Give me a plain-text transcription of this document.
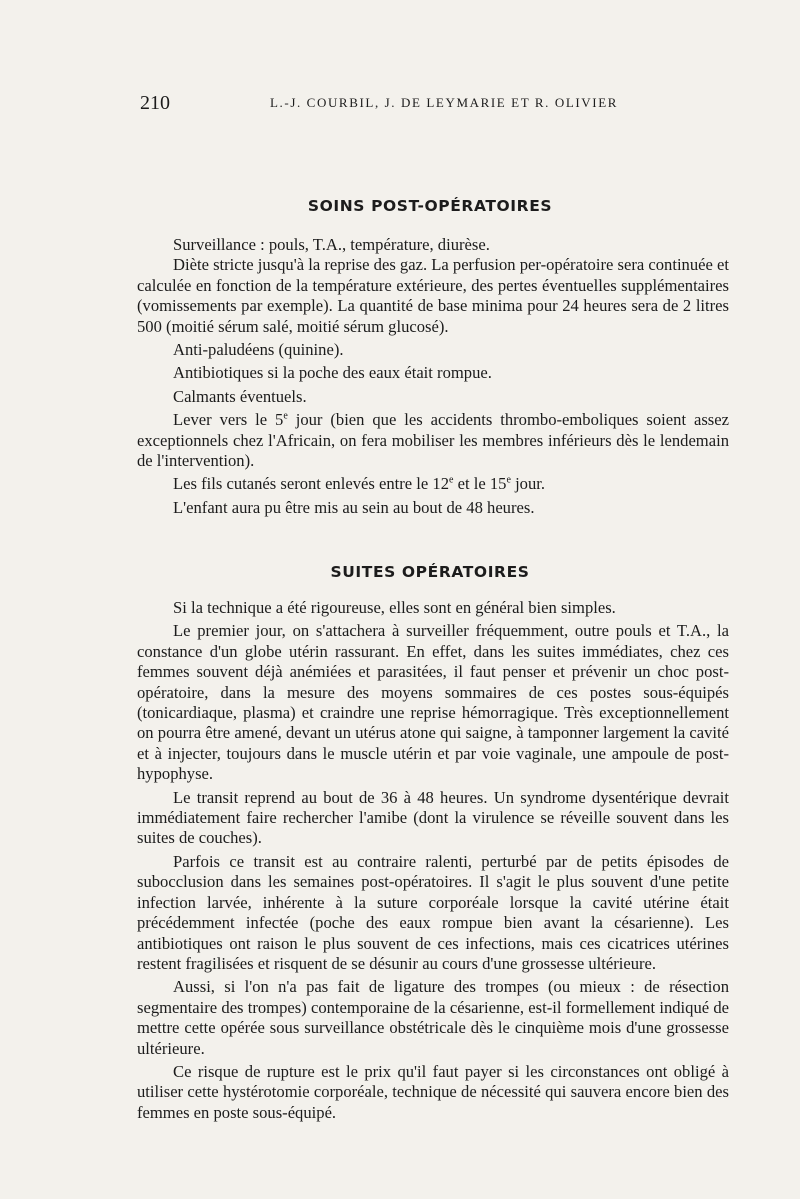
210	L.-J. COURBIL, J. DE LEYMARIE ET R. OLIVIER
SOINS POST-OPÉRATOIRES

Surveillance : pouls, T.A., température, diurèse.

Diète stricte jusqu'à la reprise des gaz. La perfusion per-opératoire sera continuée et calculée en fonction de la température extérieure, des pertes éventuelles supplémentaires (vomissements par exemple). La quantité de base minima pour 24 heures sera de 2 litres 500 (moitié sérum salé, moitié sérum glucosé).

Anti-paludéens (quinine).

Antibiotiques si la poche des eaux était rompue.

Calmants éventuels.

Lever vers le 5e jour (bien que les accidents thrombo-emboliques soient assez exceptionnels chez l'Africain, on fera mobiliser les membres inférieurs dès le lendemain de l'intervention).

Les fils cutanés seront enlevés entre le 12e et le 15e jour.

L'enfant aura pu être mis au sein au bout de 48 heures.

SUITES OPÉRATOIRES

Si la technique a été rigoureuse, elles sont en général bien simples.

Le premier jour, on s'attachera à surveiller fréquemment, outre pouls et T.A., la constance d'un globe utérin rassurant. En effet, dans les suites immédiates, chez ces femmes souvent déjà anémiées et parasitées, il faut penser et prévenir un choc post-opératoire, dans la mesure des moyens sommaires de ces postes sous-équipés (tonicardiaque, plasma) et craindre une reprise hémorragique. Très exceptionnellement on pourra être amené, devant un utérus atone qui saigne, à tamponner largement la cavité et à injecter, toujours dans le muscle utérin et par voie vaginale, une ampoule de post-hypophyse.

Le transit reprend au bout de 36 à 48 heures. Un syndrome dysentérique devrait immédiatement faire rechercher l'amibe (dont la virulence se réveille souvent dans les suites de couches).

Parfois ce transit est au contraire ralenti, perturbé par de petits épisodes de subocclusion dans les semaines post-opératoires. Il s'agit le plus souvent d'une petite infection larvée, inhérente à la suture corporéale lorsque la cavité utérine était précédemment infectée (poche des eaux rompue bien avant la césarienne). Les antibiotiques ont raison le plus souvent de ces infections, mais ces cicatrices utérines restent fragilisées et risquent de se désunir au cours d'une grossesse ultérieure.

Aussi, si l'on n'a pas fait de ligature des trompes (ou mieux : de résection segmentaire des trompes) contemporaine de la césarienne, est-il formellement indiqué de mettre cette opérée sous surveillance obstétricale dès le cinquième mois d'une grossesse ultérieure.

Ce risque de rupture est le prix qu'il faut payer si les circonstances ont obligé à utiliser cette hystérotomie corporéale, technique de nécessité qui sauvera encore bien des femmes en poste sous-équipé.
